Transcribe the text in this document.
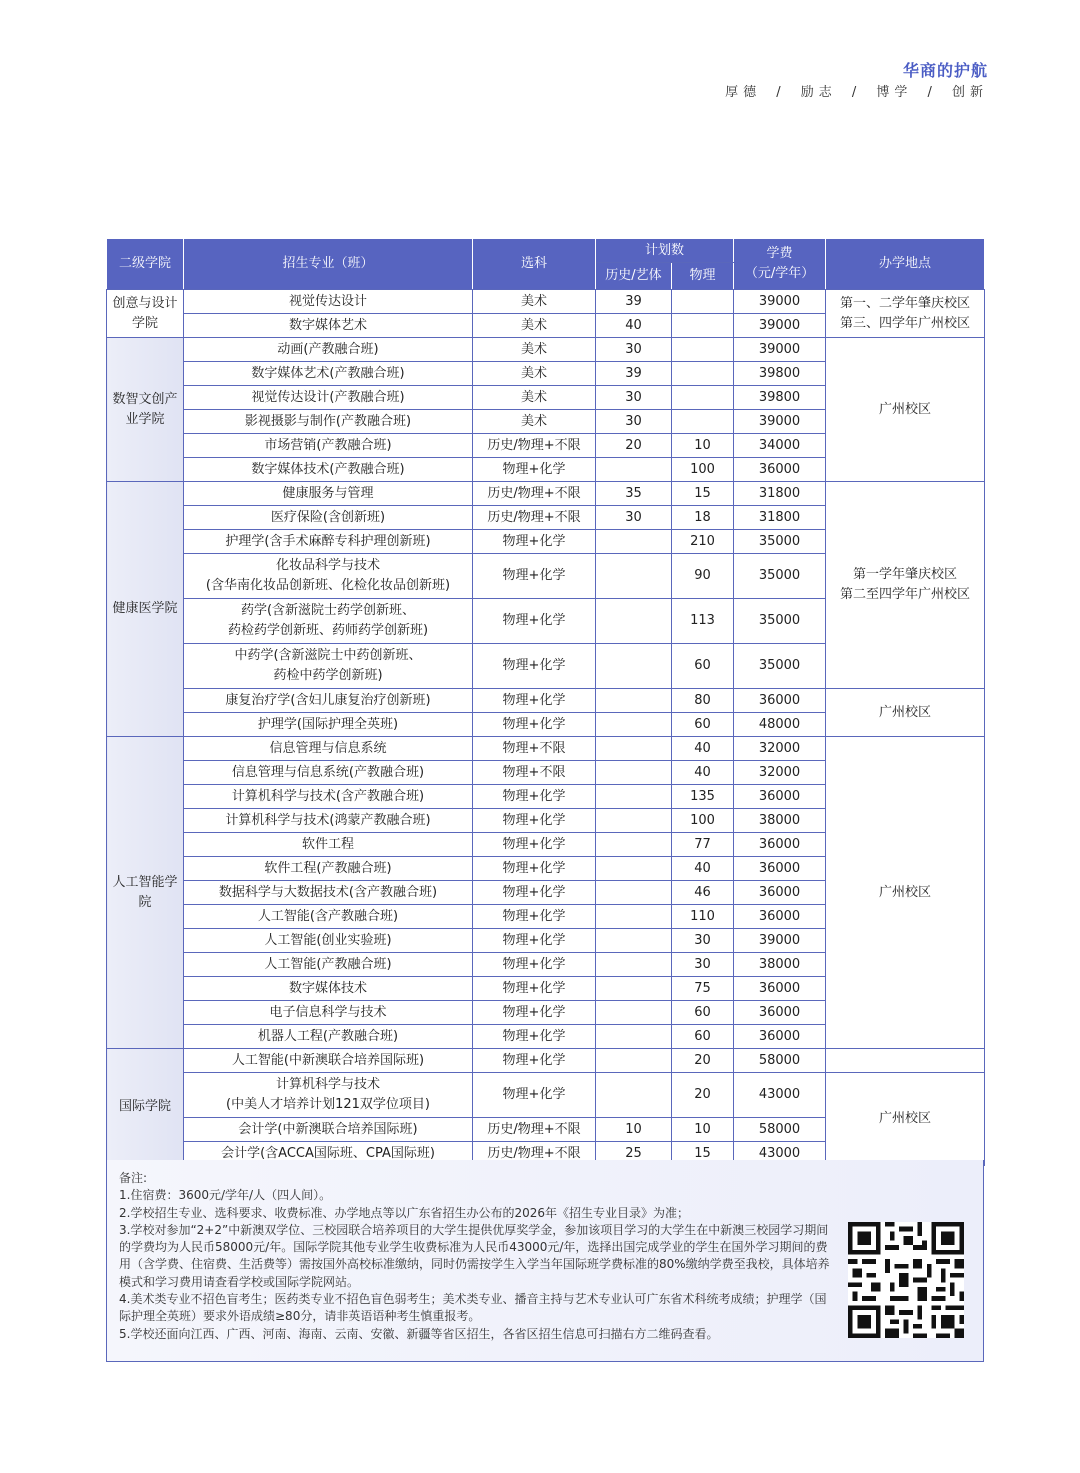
华商的护航
厚德 / 励志 / 博学 / 创新
二级学院	招生专业（班）	选科	计划数		学费
（元/学年）	办学地点
			历史/艺体	物理		
创意与设计学院	视觉传达设计	美术	39		39000	第一、二学年肇庆校区
第三、四学年广州校区
	数字媒体艺术	美术	40		39000	
数智文创产业学院	动画(产教融合班)	美术	30		39000	广州校区
	数字媒体艺术(产教融合班)	美术	39		39800	
	视觉传达设计(产教融合班)	美术	30		39800	
	影视摄影与制作(产教融合班)	美术	30		39000	
	市场营销(产教融合班)	历史/物理+不限	20	10	34000	
	数字媒体技术(产教融合班)	物理+化学		100	36000	
健康医学院	健康服务与管理	历史/物理+不限	35	15	31800	第一学年肇庆校区
第二至四学年广州校区
	医疗保险(含创新班)	历史/物理+不限	30	18	31800	
	护理学(含手术麻醉专科护理创新班)	物理+化学		210	35000	
	化妆品科学与技术
(含华南化妆品创新班、化检化妆品创新班)	物理+化学		90	35000	
	药学(含新滋院士药学创新班、
药检药学创新班、药师药学创新班)	物理+化学		113	35000	
	中药学(含新滋院士中药创新班、
药检中药学创新班)	物理+化学		60	35000	
	康复治疗学(含妇儿康复治疗创新班)	物理+化学		80	36000	广州校区
	护理学(国际护理全英班)	物理+化学		60	48000	
人工智能学院	信息管理与信息系统	物理+不限		40	32000	广州校区
	信息管理与信息系统(产教融合班)	物理+不限		40	32000	
	计算机科学与技术(含产教融合班)	物理+化学		135	36000	
	计算机科学与技术(鸿蒙产教融合班)	物理+化学		100	38000	
	软件工程	物理+化学		77	36000	
	软件工程(产教融合班)	物理+化学		40	36000	
	数据科学与大数据技术(含产教融合班)	物理+化学		46	36000	
	人工智能(含产教融合班)	物理+化学		110	36000	
	人工智能(创业实验班)	物理+化学		30	39000	
	人工智能(产教融合班)	物理+化学		30	38000	
	数字媒体技术	物理+化学		75	36000	
	电子信息科学与技术	物理+化学		60	36000	
	机器人工程(产教融合班)	物理+化学		60	36000	
国际学院	人工智能(中新澳联合培养国际班)	物理+化学		20	58000	
	计算机科学与技术
(中美人才培养计划121双学位项目)	物理+化学		20	43000	广州校区
	会计学(中新澳联合培养国际班)	历史/物理+不限	10	10	58000	
	会计学(含ACCA国际班、CPA国际班)	历史/物理+不限	25	15	43000	

备注:

1.住宿费：3600元/学年/人（四人间）。

2.学校招生专业、选科要求、收费标准、办学地点等以广东省招生办公布的2026年《招生专业目录》为准；

3.学校对参加“2+2”中新澳双学位、三校园联合培养项目的大学生提供优厚奖学金，参加该项目学习的大学生在中新澳三校园学习期间的学费均为人民币58000元/年。国际学院其他专业学生收费标准为人民币43000元/年，选择出国完成学业的学生在国外学习期间的费用（含学费、住宿费、生活费等）需按国外高校标准缴纳，同时仍需按学生入学当年国际班学费标准的80%缴纳学费至我校，具体培养模式和学习费用请查看学校或国际学院网站。

4.美术类专业不招色盲考生；医药类专业不招色盲色弱考生；美术类专业、播音主持与艺术专业认可广东省术科统考成绩；护理学（国际护理全英班）要求外语成绩≥80分，请非英语语种考生慎重报考。

5.学校还面向江西、广西、河南、海南、云南、安徽、新疆等省区招生，各省区招生信息可扫描右方二维码查看。
